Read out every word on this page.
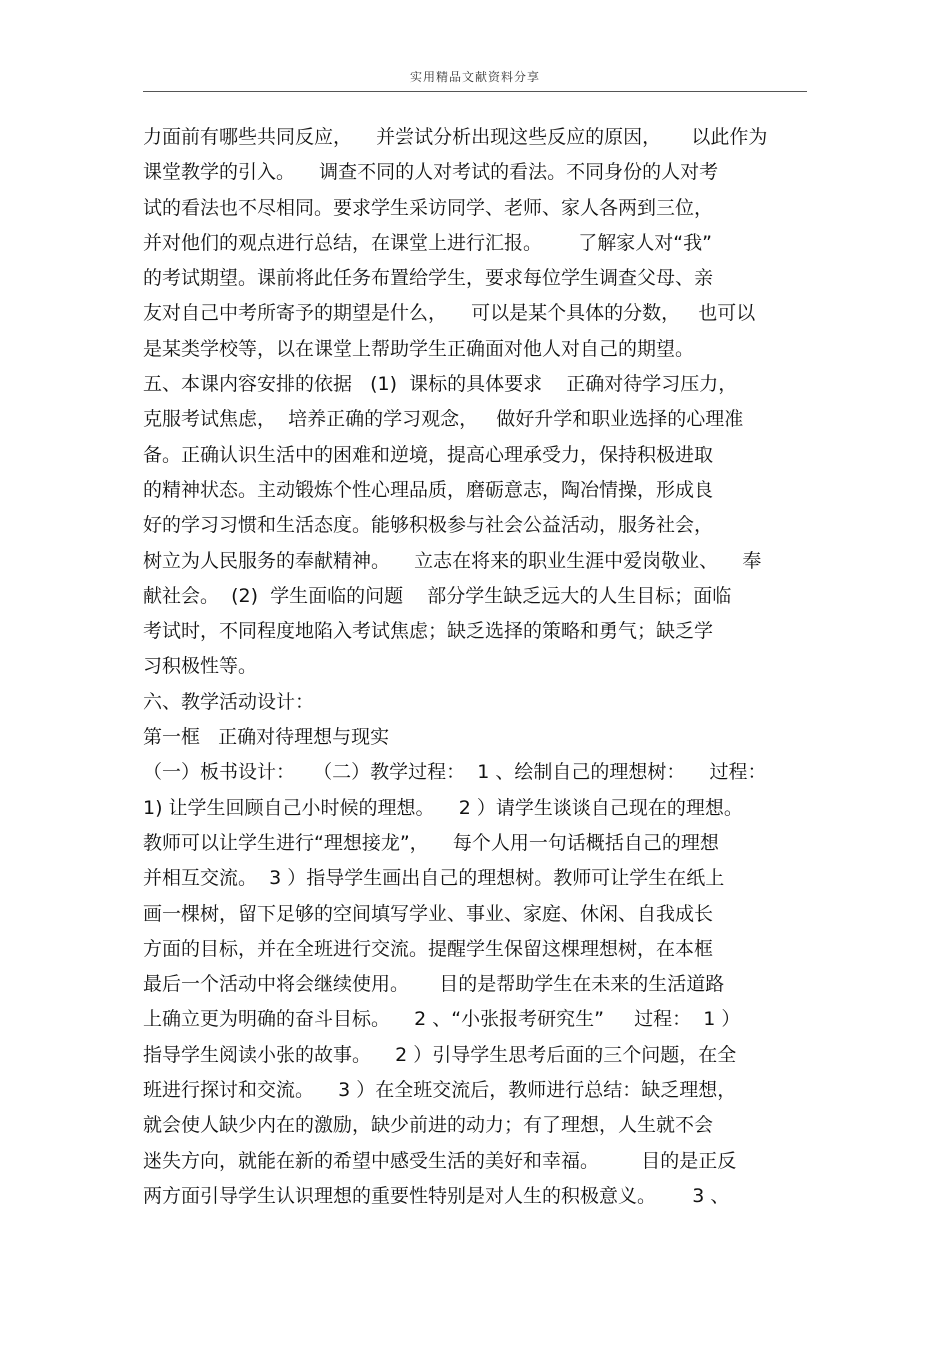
实用精品文献资料分享
力面前有哪些共同反应，    并尝试分析出现这些反应的原因，     以此作为
课堂教学的引入。    调查不同的人对考试的看法。不同身份的人对考
试的看法也不尽相同。要求学生采访同学、老师、家人各两到三位，
并对他们的观点进行总结，在课堂上进行汇报。      了解家人对“我”
的考试期望。课前将此任务布置给学生，要求每位学生调查父母、亲
友对自己中考所寄予的期望是什么，    可以是某个具体的分数，   也可以
是某类学校等，以在课堂上帮助学生正确面对他人对自己的期望。
五、本课内容安排的依据   (1)  课标的具体要求    正确对待学习压力，
克服考试焦虑，  培养正确的学习观念，   做好升学和职业选择的心理准
备。正确认识生活中的困难和逆境，提高心理承受力，保持积极进取
的精神状态。主动锻炼个性心理品质，磨砺意志，陶冶情操，形成良
好的学习习惯和生活态度。能够积极参与社会公益活动，服务社会，
树立为人民服务的奉献精神。    立志在将来的职业生涯中爱岗敬业、    奉
献社会。  (2)  学生面临的问题    部分学生缺乏远大的人生目标；面临
考试时，不同程度地陷入考试焦虑；缺乏选择的策略和勇气；缺乏学
习积极性等。
六、教学活动设计：
第一框   正确对待理想与现实
（一）板书设计：   （二）教学过程：  1 、绘制自己的理想树：    过程：
1) 让学生回顾自己小时候的理想。    2 ）请学生谈谈自己现在的理想。
教师可以让学生进行“理想接龙”，    每个人用一句话概括自己的理想
并相互交流。  3 ）指导学生画出自己的理想树。教师可让学生在纸上
画一棵树，留下足够的空间填写学业、事业、家庭、休闲、自我成长
方面的目标，并在全班进行交流。提醒学生保留这棵理想树，在本框
最后一个活动中将会继续使用。     目的是帮助学生在未来的生活道路
上确立更为明确的奋斗目标。    2 、“小张报考研究生”     过程：  1 ）
指导学生阅读小张的故事。    2 ）引导学生思考后面的三个问题，在全
班进行探讨和交流。    3 ）在全班交流后，教师进行总结：缺乏理想，
就会使人缺少内在的激励，缺少前进的动力；有了理想，人生就不会
迷失方向，就能在新的希望中感受生活的美好和幸福。       目的是正反
两方面引导学生认识理想的重要性特别是对人生的积极意义。      3 、
